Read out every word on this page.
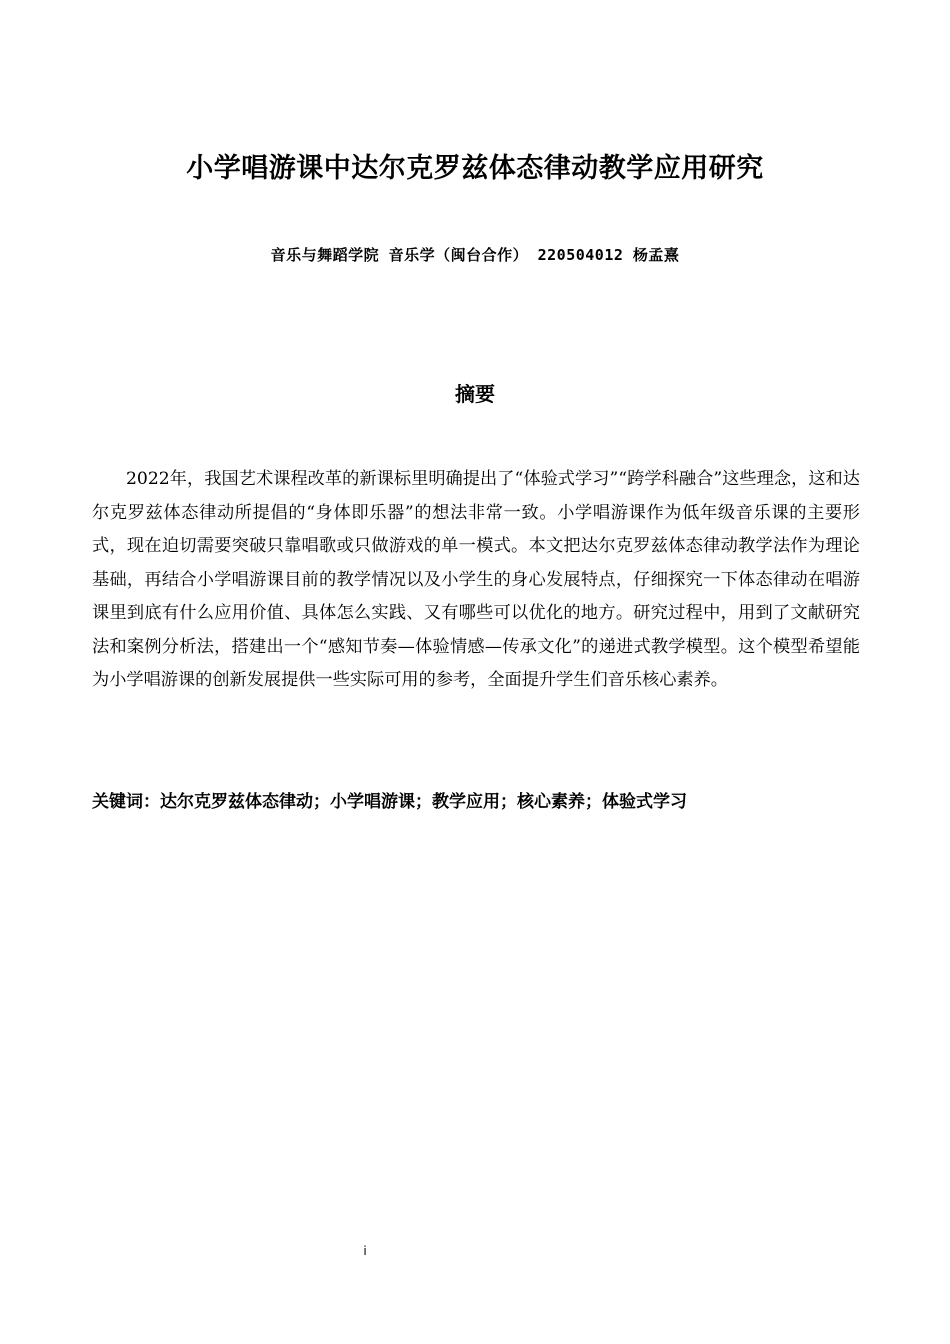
小学唱游课中达尔克罗兹体态律动教学应用研究
音乐与舞蹈学院 音乐学（闽台合作） 220504012 杨孟熹
摘要

2022年，我国艺术课程改革的新课标里明确提出了“体验式学习”“跨学科融合”这些理念，这和达尔克罗兹体态律动所提倡的“身体即乐器”的想法非常一致。小学唱游课作为低年级音乐课的主要形式，现在迫切需要突破只靠唱歌或只做游戏的单一模式。本文把达尔克罗兹体态律动教学法作为理论基础，再结合小学唱游课目前的教学情况以及小学生的身心发展特点，仔细探究一下体态律动在唱游课里到底有什么应用价值、具体怎么实践、又有哪些可以优化的地方。研究过程中，用到了文献研究法和案例分析法，搭建出一个“感知节奏—体验情感—传承文化”的递进式教学模型。这个模型希望能为小学唱游课的创新发展提供一些实际可用的参考，全面提升学生们音乐核心素养。

关键词：达尔克罗兹体态律动；小学唱游课；教学应用；核心素养；体验式学习
i
